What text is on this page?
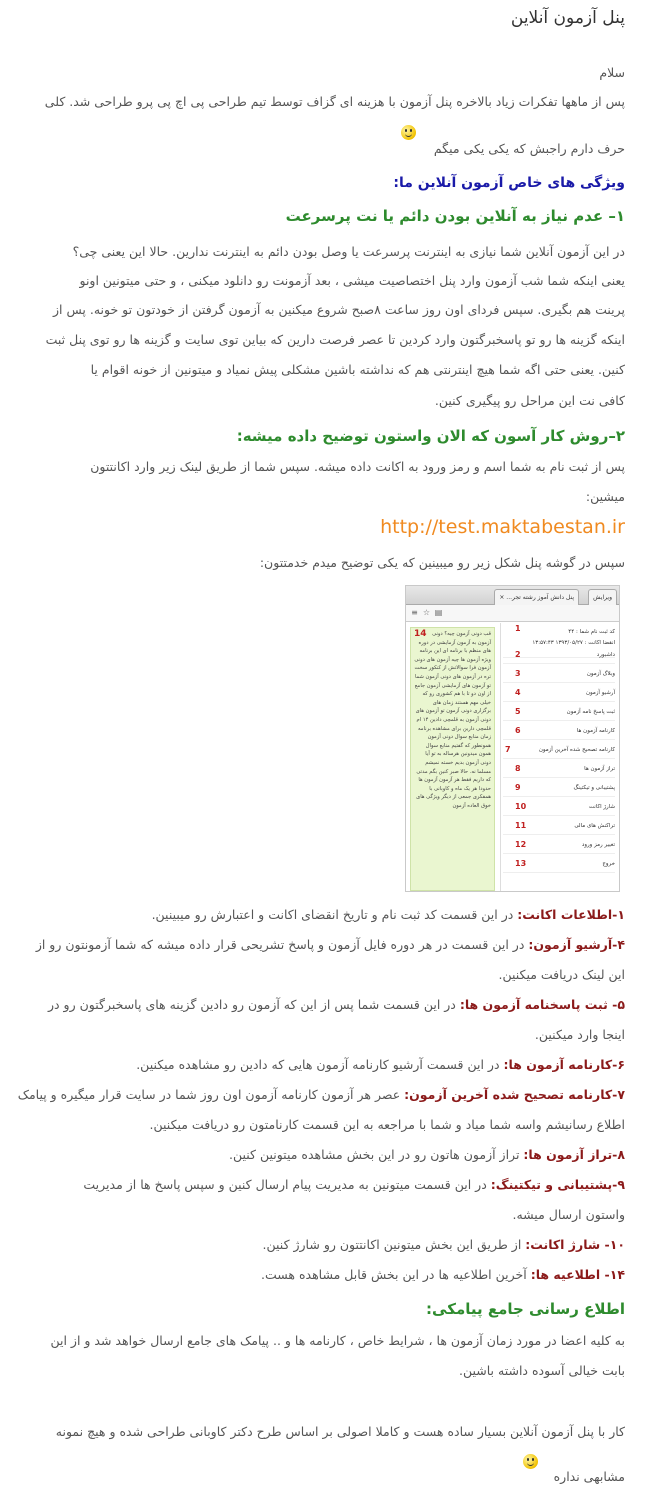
پنل آزمون آنلاین
سلام
پس از ماهها تفکرات زیاد بالاخره پنل آزمون با هزینه ای گزاف توسط تیم طراحی پی اچ پی پرو طراحی شد. کلی
حرف دارم راجبش که یکی یکی میگم
ویژگی های خاص آزمون آنلاین ما:
۱– عدم نیاز به آنلاین بودن دائم یا نت پرسرعت
در این آزمون آنلاین شما نیازی به اینترنت پرسرعت یا وصل بودن دائم به اینترنت ندارین. حالا این یعنی چی؟
یعنی اینکه شما شب آزمون وارد پنل اختصاصیت میشی ، بعد آزمونت رو دانلود میکنی ، و حتی میتونین اونو
پرینت هم بگیری. سپس فردای اون روز ساعت ۸صبح شروع میکنین به آزمون گرفتن از خودتون تو خونه. پس از
اینکه گزینه ها رو تو پاسخبرگتون وارد کردین تا عصر فرصت دارین که بیاین توی سایت و گزینه ها رو توی پنل ثبت
کنین. یعنی حتی اگه شما هیچ اینترنتی هم که نداشته باشین مشکلی پیش نمیاد و میتونین از خونه اقوام یا
کافی نت این مراحل رو پیگیری کنین.
۲–روش کار آسون که الان واستون توضیح داده میشه:
پس از ثبت نام به شما اسم و رمز ورود به اکانت داده میشه. سپس شما از طریق لینک زیر وارد اکانتتون
میشین:
http://test.maktabestan.ir
سپس در گوشه پنل شکل زیر رو میبینین که یکی توضیح میدم خدمتتون:
۱-اطلاعات اکانت: در این قسمت کد ثبت نام و تاریخ انقضای اکانت و اعتبارش رو میبینین.
۴-آرشیو آزمون: در این قسمت در هر دوره فایل آزمون و پاسخ تشریحی قرار داده میشه که شما آزمونتون رو از
این لینک دریافت میکنین.
۵- ثبت پاسخنامه آزمون ها: در این قسمت شما پس از این که آزمون رو دادین گزینه های پاسخبرگتون رو در
اینجا وارد میکنین.
۶-کارنامه آزمون ها: در این قسمت آرشیو کارنامه آزمون هایی که دادین رو مشاهده میکنین.
۷-کارنامه تصحیح شده آخرین آزمون: عصر هر آزمون کارنامه آزمون اون روز شما در سایت قرار میگیره و پیامک
اطلاع رسانیشم واسه شما میاد و شما با مراجعه به این قسمت کارنامتون رو دریافت میکنین.
۸-تراز آزمون ها: تراز آزمون هاتون رو در این بخش مشاهده میتونین کنین.
۹-پشتیبانی و تیکتینگ: در این قسمت میتونین به مدیریت پیام ارسال کنین و سپس پاسخ ها از مدیریت
واستون ارسال میشه.
۱۰- شارژ اکانت: از طریق این بخش میتونین اکانتتون رو شارژ کنین.
۱۴- اطلاعیه ها: آخرین اطلاعیه ها در این بخش قابل مشاهده هست.
اطلاع رسانی جامع پیامکی:
به کلیه اعضا در مورد زمان آزمون ها ، شرایط خاص ، کارنامه ها و .. پیامک های جامع ارسال خواهد شد و از این
بابت خیالی آسوده داشته باشین.
کار با پنل آزمون آنلاین بسیار ساده هست و کاملا اصولی بر اساس طرح دکتر کاوبانی طراحی شده و هیچ نمونه
مشابهی نداره
پنل دانش آموز رشته تجر... ×	ویرایش
≡ ☆ ▤
کد ثبت نام شما : ۴۴
انقضا اکانت : ۱۳۹۳/۰۵/۲۷ ۱۳:۵۷:۴۳
1
داشبورد
2
وبلاگ آزمون
3
آرشیو آزمون
4
ثبت پاسخ نامه آزمون
5
کارنامه آزمون ها
6
کارنامه تصحیح شده آخرین آزمون
7
تراز آزمون ها
8
پشتیبانی و تیکتینگ
9
شارژ اکانت
10
تراکنش های مالی
11
تغییر رمز ورود
12
خروج
13
14 قب دونی آزمون چیه؟ دونی آزمون به آزمون آزمایشی در دوره های منظم با برنامه ای این برنامه ویژه آزمون ها چیه آزمون های دونی آزمون فرا سوالاتش از کنکور سخت تره در آزمون های دونی آزمون شما تو آزمون های آزمایشی آزمون جامع از اون دو تا با هم کشوری رو که خیلی مهم هستند زمان های برگزاری دونی آزمون تو آزمون های دونی آزمون به قلمچی دادین ۱۴ ام قلمچی دارین برای مشاهده برنامه زمان منابع سوال دونی آزمون همونطور که گفتیم منابع سوال همون میدونین هرساله به تو آیا دونی آزمون بدیم خسته نمیشم مسلما نه. حالا صبر کنین بگم مدتی که داریم فقط هر آزمون آزمون ها حدودا هر یک ماه و کاوبانی با همفکری جمعی از دیگر ویژگی های خوق العاده آزمون
